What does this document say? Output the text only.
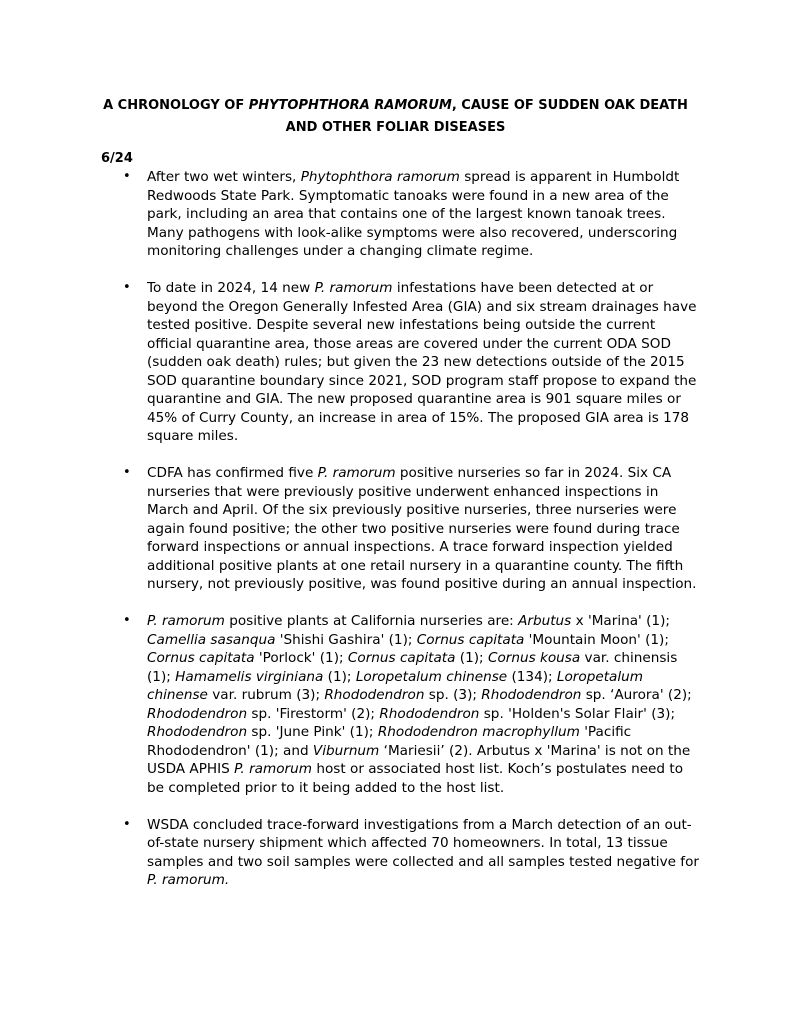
A CHRONOLOGY OF PHYTOPHTHORA RAMORUM, CAUSE OF SUDDEN OAK DEATH
AND OTHER FOLIAR DISEASES

6/24

• After two wet winters, Phytophthora ramorum spread is apparent in Humboldt Redwoods State Park. Symptomatic tanoaks were found in a new area of the park, including an area that contains one of the largest known tanoak trees. Many pathogens with look-alike symptoms were also recovered, underscoring monitoring challenges under a changing climate regime.

• To date in 2024, 14 new P. ramorum infestations have been detected at or beyond the Oregon Generally Infested Area (GIA) and six stream drainages have tested positive. Despite several new infestations being outside the current official quarantine area, those areas are covered under the current ODA SOD (sudden oak death) rules; but given the 23 new detections outside of the 2015 SOD quarantine boundary since 2021, SOD program staff propose to expand the quarantine and GIA. The new proposed quarantine area is 901 square miles or 45% of Curry County, an increase in area of 15%. The proposed GIA area is 178 square miles.

• CDFA has confirmed five P. ramorum positive nurseries so far in 2024. Six CA nurseries that were previously positive underwent enhanced inspections in March and April. Of the six previously positive nurseries, three nurseries were again found positive; the other two positive nurseries were found during trace forward inspections or annual inspections. A trace forward inspection yielded additional positive plants at one retail nursery in a quarantine county. The fifth nursery, not previously positive, was found positive during an annual inspection.

• P. ramorum positive plants at California nurseries are: Arbutus x 'Marina' (1); Camellia sasanqua 'Shishi Gashira' (1); Cornus capitata 'Mountain Moon' (1); Cornus capitata 'Porlock' (1); Cornus capitata (1); Cornus kousa var. chinensis (1); Hamamelis virginiana (1); Loropetalum chinense (134); Loropetalum chinense var. rubrum (3); Rhododendron sp. (3); Rhododendron sp. ‘Aurora' (2); Rhododendron sp. 'Firestorm' (2); Rhododendron sp. 'Holden's Solar Flair' (3); Rhododendron sp. 'June Pink' (1); Rhododendron macrophyllum 'Pacific Rhododendron' (1); and Viburnum ‘Mariesii’ (2). Arbutus x 'Marina' is not on the USDA APHIS P. ramorum host or associated host list. Koch’s postulates need to be completed prior to it being added to the host list.

• WSDA concluded trace-forward investigations from a March detection of an out-of-state nursery shipment which affected 70 homeowners. In total, 13 tissue samples and two soil samples were collected and all samples tested negative for P. ramorum.
